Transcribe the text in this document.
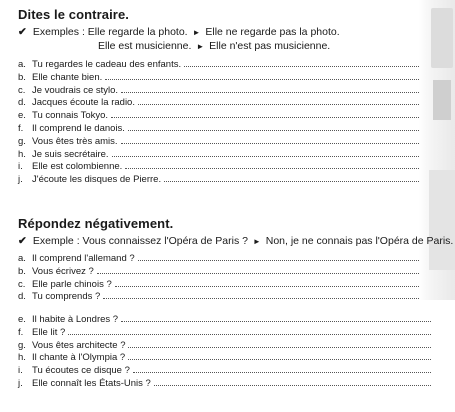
Dites le contraire.
✔ Exemples : Elle regarde la photo. ► Elle ne regarde pas la photo.
Elle est musicienne. ► Elle n'est pas musicienne.
a. Tu regardes le cadeau des enfants.
b. Elle chante bien.
c. Je voudrais ce stylo.
d. Jacques écoute la radio.
e. Tu connais Tokyo.
f. Il comprend le danois.
g. Vous êtes très amis.
h. Je suis secrétaire.
i. Elle est colombienne.
j. J'écoute les disques de Pierre.
Répondez négativement.
✔ Exemple : Vous connaissez l'Opéra de Paris ? ► Non, je ne connais pas l'Opéra de Paris.
a. Il comprend l'allemand ?
b. Vous écrivez ?
c. Elle parle chinois ?
d. Tu comprends ?
e. Il habite à Londres ?
f. Elle lit ?
g. Vous êtes architecte ?
h. Il chante à l'Olympia ?
i. Tu écoutes ce disque ?
j. Elle connaît les États-Unis ?
